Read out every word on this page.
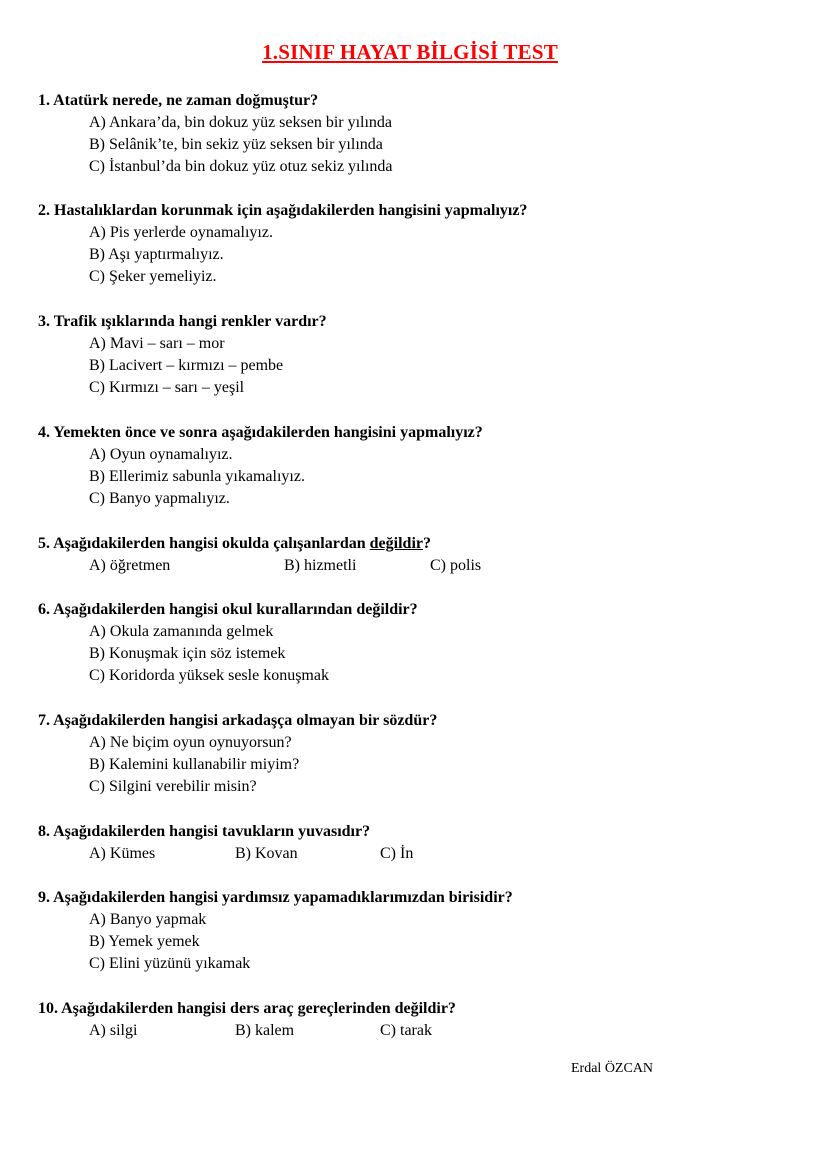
1.SINIF HAYAT BİLGİSİ TEST
1. Atatürk nerede, ne zaman doğmuştur?
A) Ankara’da, bin dokuz yüz seksen bir yılında
B) Selânik’te, bin sekiz yüz seksen bir yılında
C) İstanbul’da bin dokuz yüz otuz sekiz yılında
2. Hastalıklardan korunmak için aşağıdakilerden hangisini yapmalıyız?
A) Pis yerlerde oynamalıyız.
B) Aşı yaptırmalıyız.
C) Şeker yemeliyiz.
3. Trafik ışıklarında hangi renkler vardır?
A) Mavi – sarı – mor
B) Lacivert – kırmızı – pembe
C) Kırmızı – sarı – yeşil
4. Yemekten önce ve sonra aşağıdakilerden hangisini yapmalıyız?
A) Oyun oynamalıyız.
B) Ellerimiz sabunla yıkamalıyız.
C) Banyo yapmalıyız.
5. Aşağıdakilerden hangisi okulda çalışanlardan değildir?
A) öğretmen	B) hizmetli	C) polis
6. Aşağıdakilerden hangisi okul kurallarından değildir?
A) Okula zamanında gelmek
B) Konuşmak için söz istemek
C) Koridorda yüksek sesle konuşmak
7. Aşağıdakilerden hangisi arkadaşça olmayan bir sözdür?
A) Ne biçim oyun oynuyorsun?
B) Kalemini kullanabilir miyim?
C) Silgini verebilir misin?
8. Aşağıdakilerden hangisi tavukların yuvasıdır?
A) Kümes	B) Kovan	C) İn
9. Aşağıdakilerden hangisi yardımsız yapamadıklarımızdan birisidir?
A) Banyo yapmak
B) Yemek yemek
C) Elini yüzünü yıkamak
10. Aşağıdakilerden hangisi ders araç gereçlerinden değildir?
A) silgi	B) kalem	C) tarak
Erdal ÖZCAN
